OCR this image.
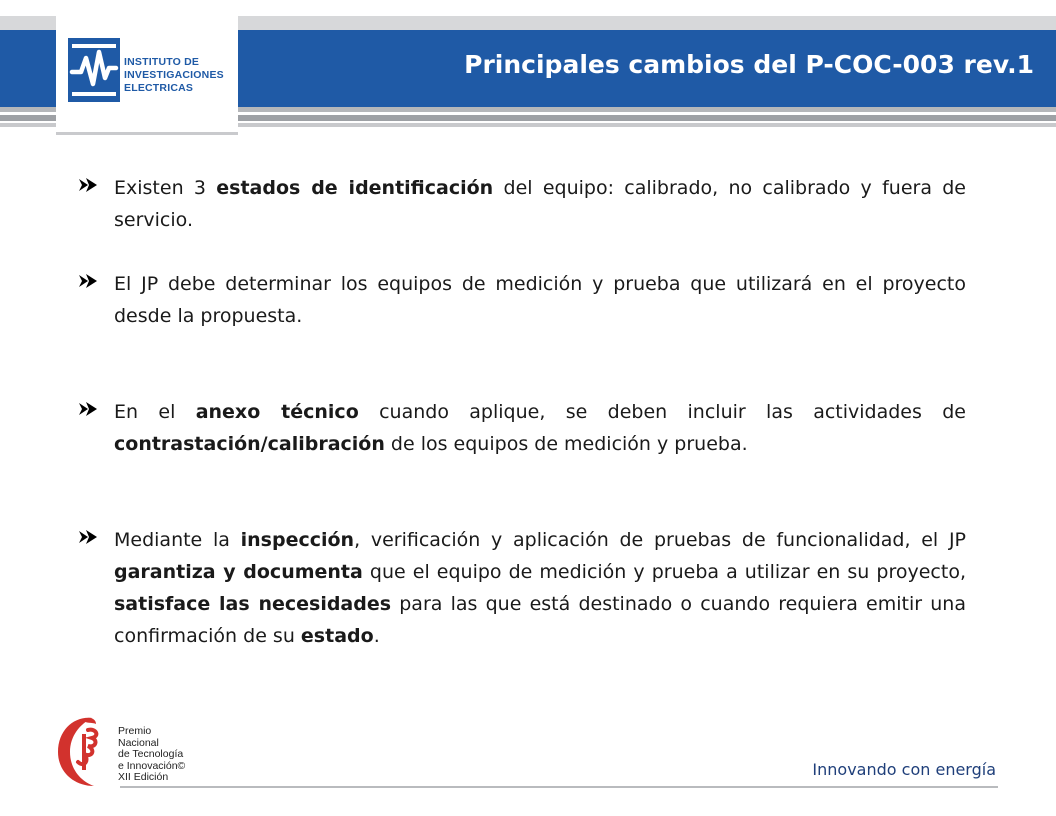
INSTITUTO DE
INVESTIGACIONES
ELECTRICAS
Principales cambios del P-COC-003 rev.1

Existen 3 estados de identificación del equipo: calibrado, no calibrado y fuera de servicio.

El JP debe determinar los equipos de medición y prueba que utilizará en el proyecto desde la propuesta.

En el anexo técnico cuando aplique, se deben incluir las actividades de contrastación/calibración de los equipos de medición y prueba.

Mediante la inspección, verificación y aplicación de pruebas de funcionalidad, el JP garantiza y documenta que el equipo de medición y prueba a utilizar en su proyecto, satisface las necesidades para las que está destinado o cuando requiera emitir una confirmación de su estado.

Premio
Nacional
de Tecnología
e Innovación©
XII Edición	Innovando con energía
